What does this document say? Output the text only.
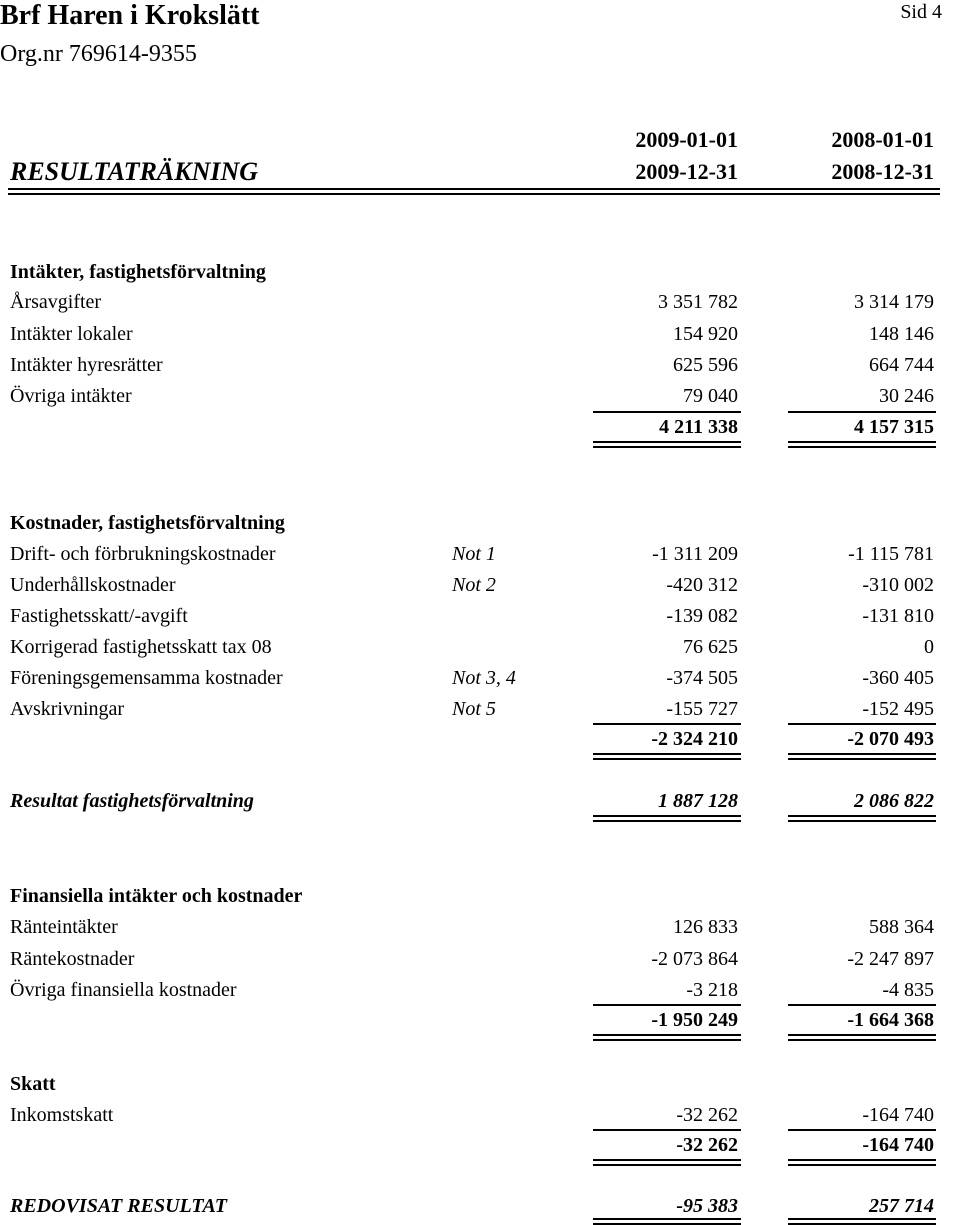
Brf Haren i Krokslätt
Org.nr 769614-9355
Sid 4
2009-01-01	2008-01-01
RESULTATRÄKNING	2009-12-31	2008-12-31
Intäkter, fastighetsförvaltning
Årsavgifter	3 351 782	3 314 179
Intäkter lokaler	154 920	148 146
Intäkter hyresrätter	625 596	664 744
Övriga intäkter	79 040	30 246
4 211 338	4 157 315
Kostnader, fastighetsförvaltning
Drift- och förbrukningskostnader	Not 1	-1 311 209	-1 115 781
Underhållskostnader	Not 2	-420 312	-310 002
Fastighetsskatt/-avgift	-139 082	-131 810
Korrigerad fastighetsskatt tax 08	76 625	0
Föreningsgemensamma kostnader	Not 3, 4	-374 505	-360 405
Avskrivningar	Not 5	-155 727	-152 495
-2 324 210	-2 070 493
Resultat fastighetsförvaltning	1 887 128	2 086 822
Finansiella intäkter och kostnader
Ränteintäkter	126 833	588 364
Räntekostnader	-2 073 864	-2 247 897
Övriga finansiella kostnader	-3 218	-4 835
-1 950 249	-1 664 368
Skatt
Inkomstskatt	-32 262	-164 740
-32 262	-164 740
REDOVISAT RESULTAT	-95 383	257 714
